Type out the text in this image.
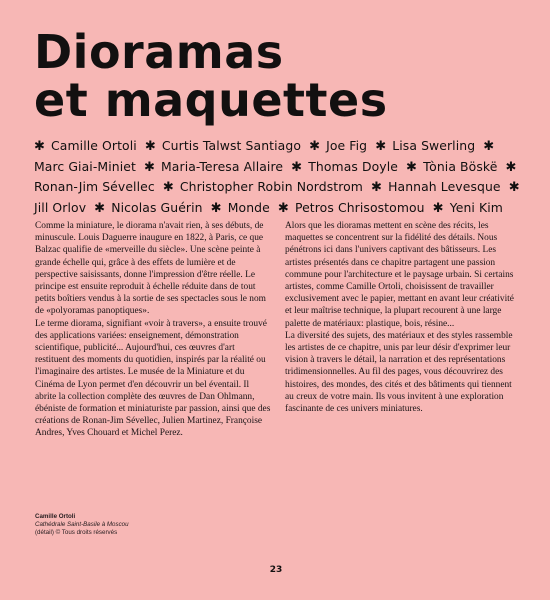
Dioramas
et maquettes
✱ Camille Ortoli ✱ Curtis Talwst Santiago ✱ Joe Fig ✱ Lisa Swerling ✱ Marc Giai-Miniet ✱ Maria-Teresa Allaire ✱ Thomas Doyle ✱ Tònia Böskë ✱ Ronan-Jim Sévellec ✱ Christopher Robin Nordstrom ✱ Hannah Levesque ✱ Jill Orlov ✱ Nicolas Guérin ✱ Monde ✱ Petros Chrisostomou ✱ Yeni Kim

Comme la miniature, le diorama n'avait rien, à ses débuts, de minuscule. Louis Daguerre inaugure en 1822, à Paris, ce que Balzac qualifie de «merveille du siècle». Une scène peinte à grande échelle qui, grâce à des effets de lumière et de perspective saisissants, donne l'impression d'être réelle. Le principe est ensuite reproduit à échelle réduite dans de tout petits boîtiers vendus à la sortie de ses spectacles sous le nom de «polyoramas panoptiques».

Le terme diorama, signifiant «voir à travers», a ensuite trouvé des applications variées: enseignement, démonstration scientifique, publicité... Aujourd'hui, ces œuvres d'art restituent des moments du quotidien, inspirés par la réalité ou l'imaginaire des artistes. Le musée de la Miniature et du Cinéma de Lyon permet d'en découvrir un bel éventail. Il abrite la collection complète des œuvres de Dan Ohlmann, ébéniste de formation et miniaturiste par passion, ainsi que des créations de Ronan-Jim Sévellec, Julien Martinez, Françoise Andres, Yves Chouard et Michel Perez.

Alors que les dioramas mettent en scène des récits, les maquettes se concentrent sur la fidélité des détails. Nous pénétrons ici dans l'univers captivant des bâtisseurs. Les artistes présentés dans ce chapitre partagent une passion commune pour l'architecture et le paysage urbain. Si certains artistes, comme Camille Ortoli, choisissent de travailler exclusivement avec le papier, mettant en avant leur créativité et leur maîtrise technique, la plupart recourent à une large palette de matériaux: plastique, bois, résine...

La diversité des sujets, des matériaux et des styles rassemble les artistes de ce chapitre, unis par leur désir d'exprimer leur vision à travers le détail, la narration et des représentations tridimensionnelles. Au fil des pages, vous découvrirez des histoires, des mondes, des cités et des bâtiments qui tiennent au creux de votre main. Ils vous invitent à une exploration fascinante de ces univers miniatures.

Camille Ortoli
Cathédrale Saint-Basile à Moscou
(détail) © Tous droits réservés
23
